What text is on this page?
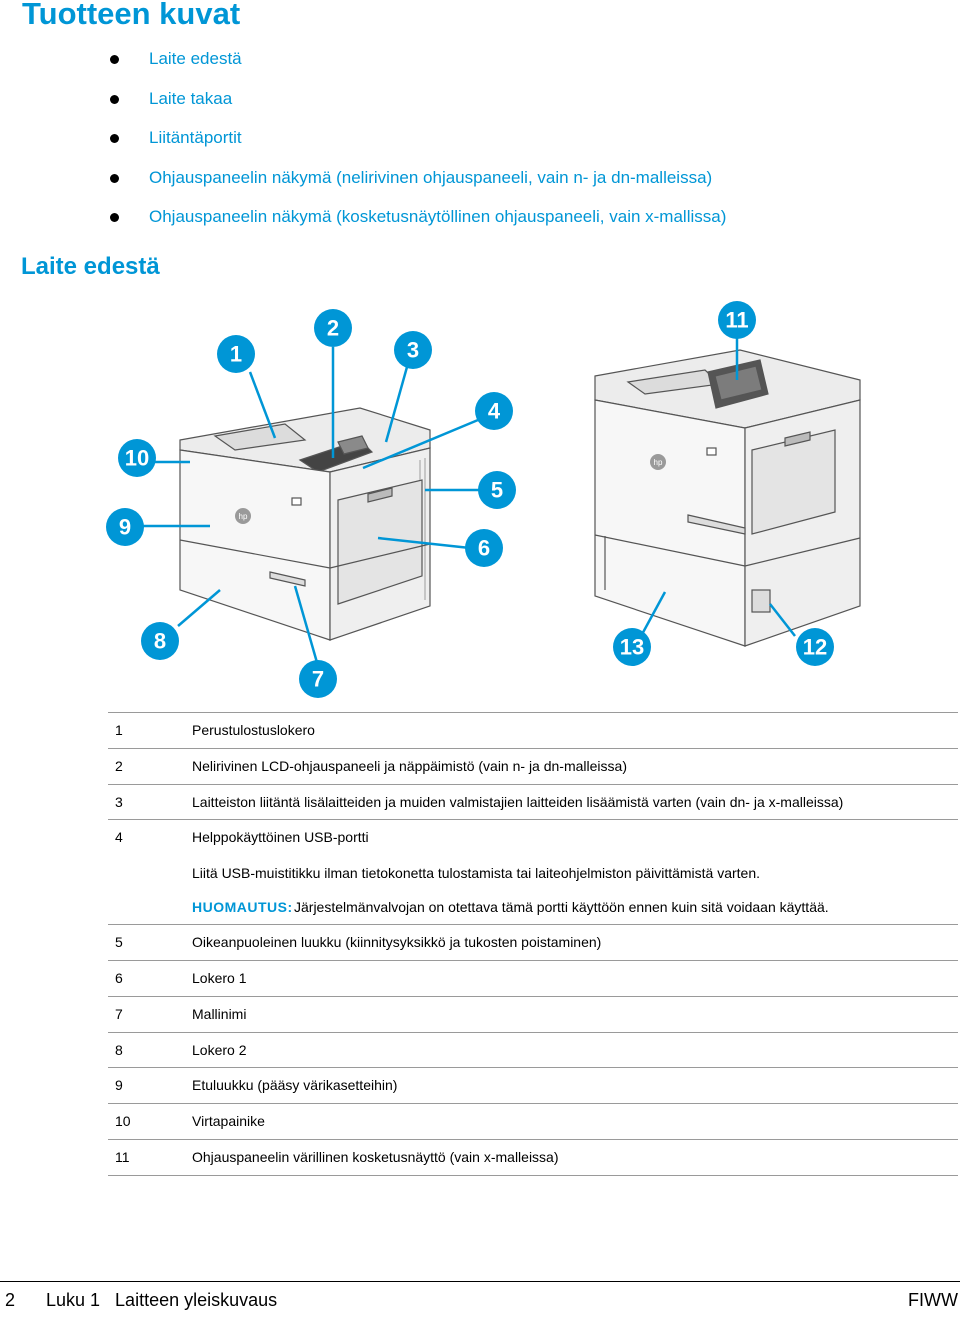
Tuotteen kuvat
Laite edestä
Laite takaa
Liitäntäportit
Ohjauspaneelin näkymä (nelirivinen ohjauspaneeli, vain n- ja dn-malleissa)
Ohjauspaneelin näkymä (kosketusnäytöllinen ohjauspaneeli, vain x-mallissa)
Laite edestä
hp
hp
1
2
3
4
5
6
7
8
9
10
11
12
13
1	Perustulostuslokero
2	Nelirivinen LCD-ohjauspaneeli ja näppäimistö (vain n- ja dn-malleissa)
3	Laitteiston liitäntä lisälaitteiden ja muiden valmistajien laitteiden lisäämistä varten (vain dn- ja x-malleissa)
4	Helppokäyttöinen USB-portti
Liitä USB-muistitikku ilman tietokonetta tulostamista tai laiteohjelmiston päivittämistä varten.
HUOMAUTUS: Järjestelmänvalvojan on otettava tämä portti käyttöön ennen kuin sitä voidaan käyttää.
5	Oikeanpuoleinen luukku (kiinnitysyksikkö ja tukosten poistaminen)
6	Lokero 1
7	Mallinimi
8	Lokero 2
9	Etuluukku (pääsy värikasetteihin)
10	Virtapainike
11	Ohjauspaneelin värillinen kosketusnäyttö (vain x-malleissa)
2 Luku 1   Laitteen yleiskuvaus	FIWW
